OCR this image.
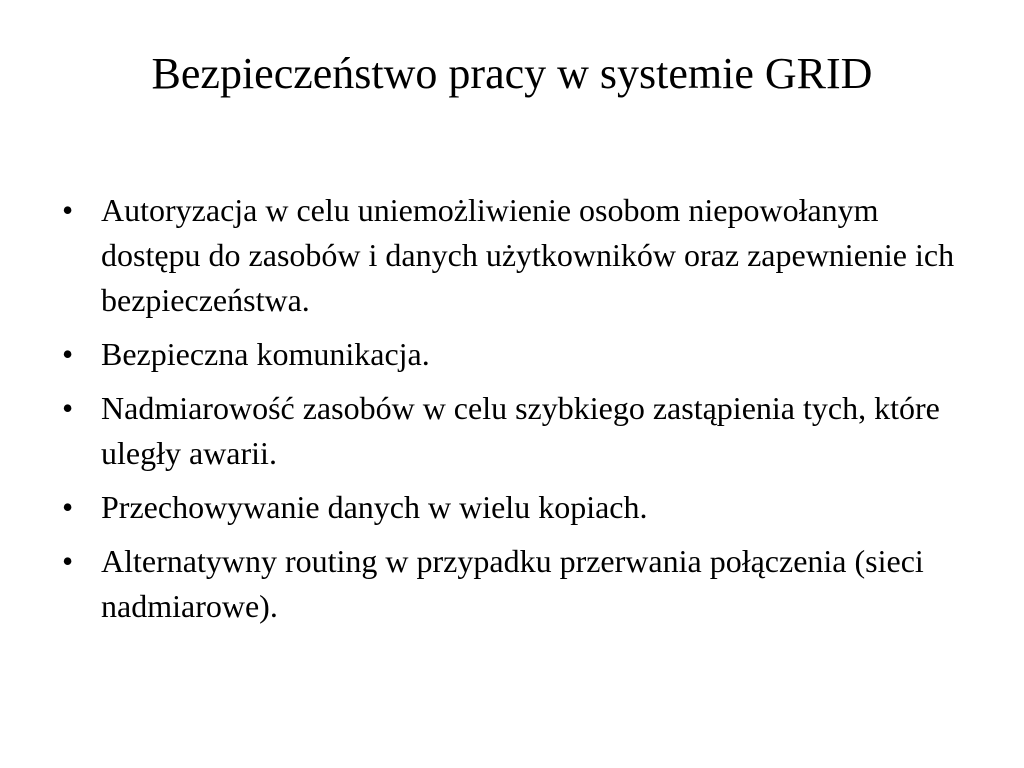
Bezpieczeństwo pracy w systemie GRID
• Autoryzacja w celu uniemożliwienie osobom niepowołanym dostępu do zasobów i danych użytkowników oraz zapewnienie ich bezpieczeństwa.
• Bezpieczna komunikacja.
• Nadmiarowość zasobów w celu szybkiego zastąpienia tych, które uległy awarii.
• Przechowywanie danych w wielu kopiach.
• Alternatywny routing w przypadku przerwania połączenia (sieci nadmiarowe).
